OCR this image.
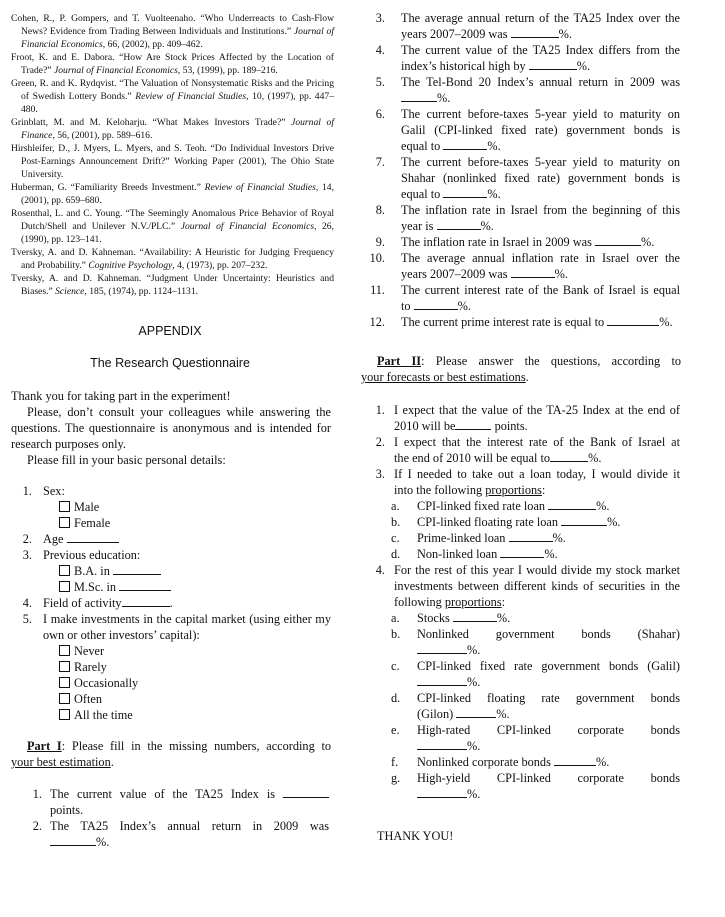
Cohen, R., P. Gompers, and T. Vuolteenaho. “Who Underreacts to Cash-Flow News? Evidence from Trading Between Individuals and Institutions.” Journal of Financial Economics, 66, (2002), pp. 409–462.
Froot, K. and E. Dabora. “How Are Stock Prices Affected by the Location of Trade?” Journal of Financial Economics, 53, (1999), pp. 189–216.
Green, R. and K. Rydqvist. “The Valuation of Nonsystematic Risks and the Pricing of Swedish Lottery Bonds.” Review of Financial Studies, 10, (1997), pp. 447–480.
Grinblatt, M. and M. Keloharju. “What Makes Investors Trade?” Journal of Finance, 56, (2001), pp. 589–616.
Hirshleifer, D., J. Myers, L. Myers, and S. Teoh. “Do Individual Investors Drive Post-Earnings Announcement Drift?” Working Paper (2001), The Ohio State University.
Huberman, G. “Familiarity Breeds Investment.” Review of Financial Studies, 14, (2001), pp. 659–680.
Rosenthal, L. and C. Young. “The Seemingly Anomalous Price Behavior of Royal Dutch/Shell and Unilever N.V./PLC.” Journal of Financial Economics, 26, (1990), pp. 123–141.
Tversky, A. and D. Kahneman. “Availability: A Heuristic for Judging Frequency and Probability.” Cognitive Psychology, 4, (1973), pp. 207–232.
Tversky, A. and D. Kahneman. “Judgment Under Uncertainty: Heuristics and Biases.” Science, 185, (1974), pp. 1124–1131.
APPENDIX
The Research Questionnaire
Thank you for taking part in the experiment!
Please, don’t consult your colleagues while answering the questions. The questionnaire is anonymous and is intended for research purposes only.
Please fill in your basic personal details:
1. Sex:
Male
Female
2. Age
3. Previous education:
B.A. in
M.Sc. in
4. Field of activity	.
5. I make investments in the capital market (using either my own or other investors’ capital):
Never
Rarely
Occasionally
Often
All the time
Part I: Please fill in the missing numbers, according to
your best estimation.
1. The current value of the TA25 Index is
points.
2. The TA25 Index’s annual return in 2009 was
%.
3. The average annual return of the TA25 Index over the
years 2007–2009 was	%.
4. The current value of the TA25 Index differs from the
index’s historical high by	%.
5. The Tel-Bond 20 Index’s annual return in 2009 was
%.
6. The current before-taxes 5-year yield to maturity on
Galil (CPI-linked fixed rate) government bonds is
equal to	%.
7. The current before-taxes 5-year yield to maturity on
Shahar (nonlinked fixed rate) government bonds is
equal to	%.
8. The inflation rate in Israel from the beginning of this
year is	%.
9. The inflation rate in Israel in 2009 was	%.
10. The average annual inflation rate in Israel over the
years 2007–2009 was	%.
11. The current interest rate of the Bank of Israel is equal
to	%.
12. The current prime interest rate is equal to	%.
Part II: Please answer the questions, according to
your forecasts or best estimations.
1. I expect that the value of the TA-25 Index at the end of
2010 will be	points.
2. I expect that the interest rate of the Bank of Israel at
the end of 2010 will be equal to	%.
3. If I needed to take out a loan today, I would divide it
into the following proportions:
a. CPI-linked fixed rate loan	%.
b. CPI-linked floating rate loan	%.
c. Prime-linked loan	%.
d. Non-linked loan	%.
4. For the rest of this year I would divide my stock market
investments between different kinds of securities in the
following proportions:
a. Stocks	%.
b. Nonlinked government bonds (Shahar)
%.
c. CPI-linked fixed rate government bonds (Galil)
%.
d. CPI-linked floating rate government bonds
(Gilon)	%.
e. High-rated CPI-linked corporate bonds
%.
f. Nonlinked corporate bonds	%.
g. High-yield CPI-linked corporate bonds
%.
THANK YOU!
